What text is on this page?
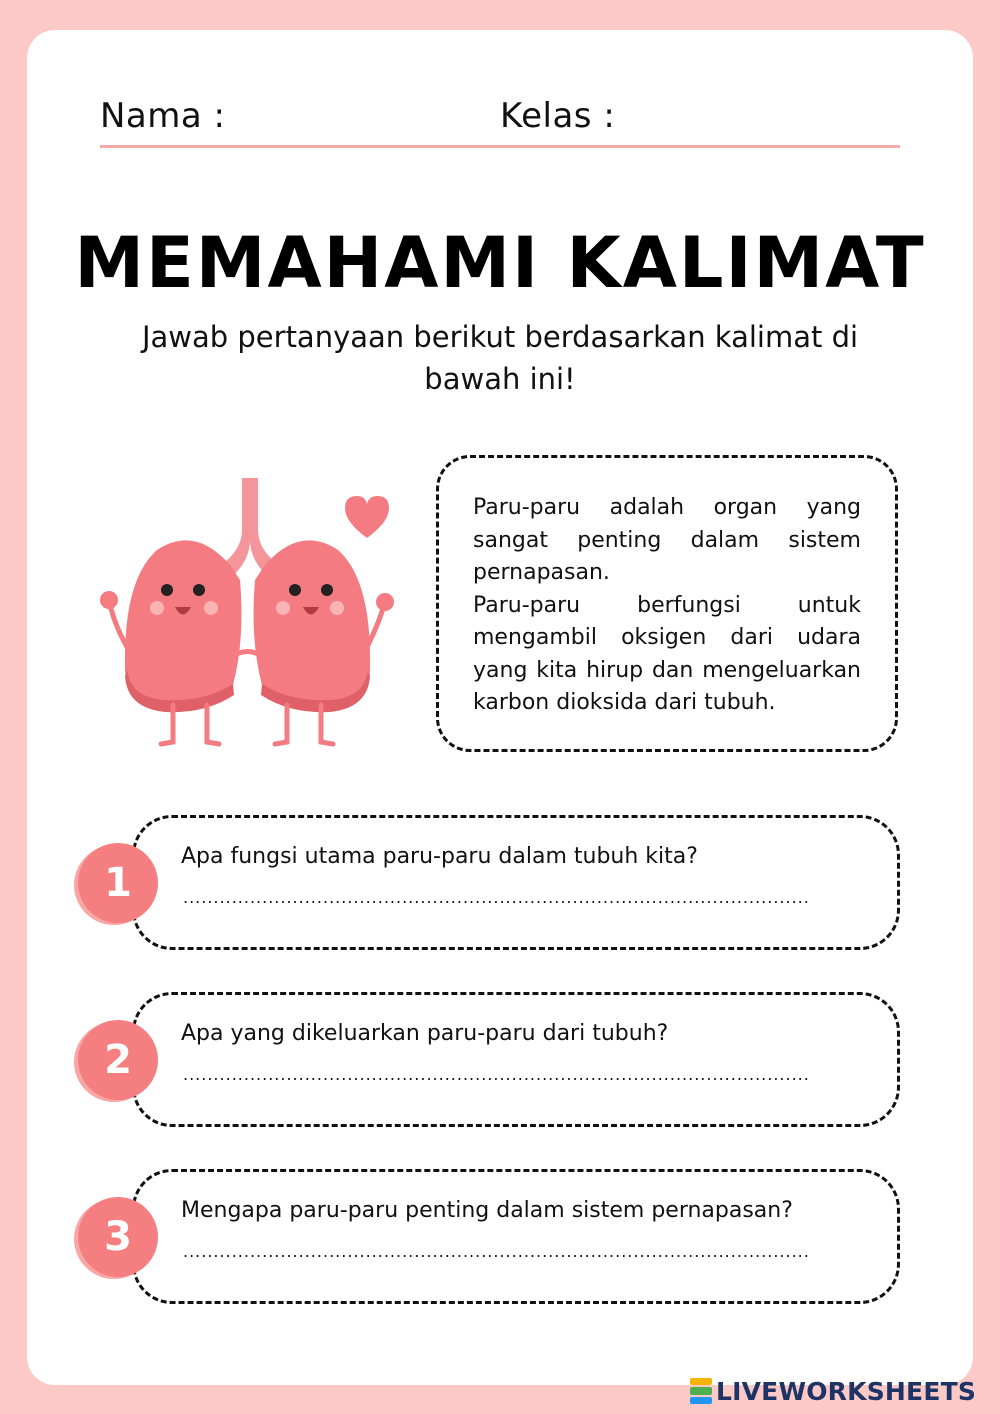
Nama :	Kelas :
MEMAHAMI KALIMAT
Jawab pertanyaan berikut berdasarkan kalimat di bawah ini!

Paru-paru adalah organ yang sangat penting dalam sistem pernapasan.

Paru-paru berfungsi untuk mengambil oksigen dari udara yang kita hirup dan mengeluarkan karbon dioksida dari tubuh.

Apa fungsi utama paru-paru dalam tubuh kita?
.......................................................................................................
1
Apa yang dikeluarkan paru-paru dari tubuh?
.......................................................................................................
2
Mengapa paru-paru penting dalam sistem pernapasan?
.......................................................................................................
3
LIVEWORKSHEETS
